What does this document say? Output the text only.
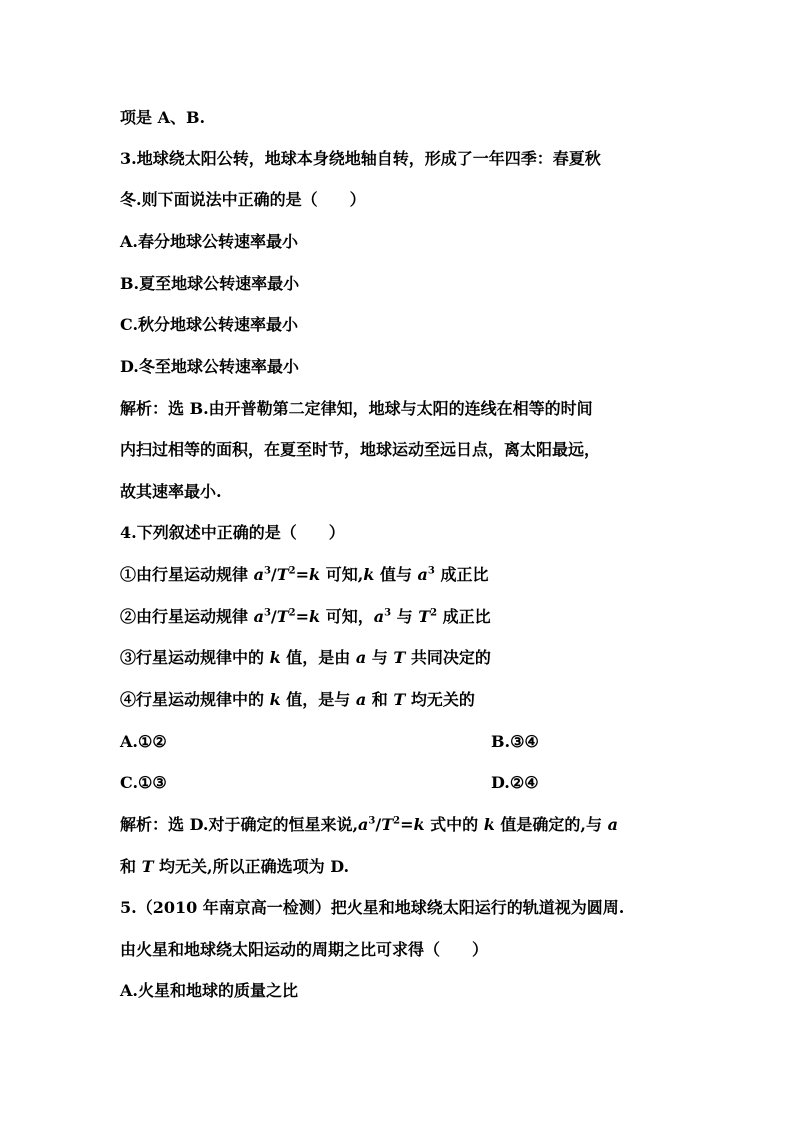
项是 A、B.
3.地球绕太阳公转，地球本身绕地轴自转，形成了一年四季：春夏秋
冬.则下面说法中正确的是（　　）
A.春分地球公转速率最小
B.夏至地球公转速率最小
C.秋分地球公转速率最小
D.冬至地球公转速率最小
解析：选 B.由开普勒第二定律知，地球与太阳的连线在相等的时间
内扫过相等的面积，在夏至时节，地球运动至远日点，离太阳最远，
故其速率最小.
4.下列叙述中正确的是（　　）
①由行星运动规律 $a^3/T^2=k$ 可知,k 值与 $a^3$ 成正比
②由行星运动规律 $a^3/T^2=k$ 可知，$a^3$ 与 $T^2$ 成正比
③行星运动规律中的 k 值，是由 a 与 T 共同决定的
④行星运动规律中的 k 值，是与 a 和 T 均无关的
A.①②	B.③④
C.①③	D.②④
解析：选 D.对于确定的恒星来说$,a^3/T^2=k$ 式中的 k 值是确定的,与 a
和 T 均无关,所以正确选项为 D.
5.（2010 年南京高一检测）把火星和地球绕太阳运行的轨道视为圆周.
由火星和地球绕太阳运动的周期之比可求得（　　）
A.火星和地球的质量之比
